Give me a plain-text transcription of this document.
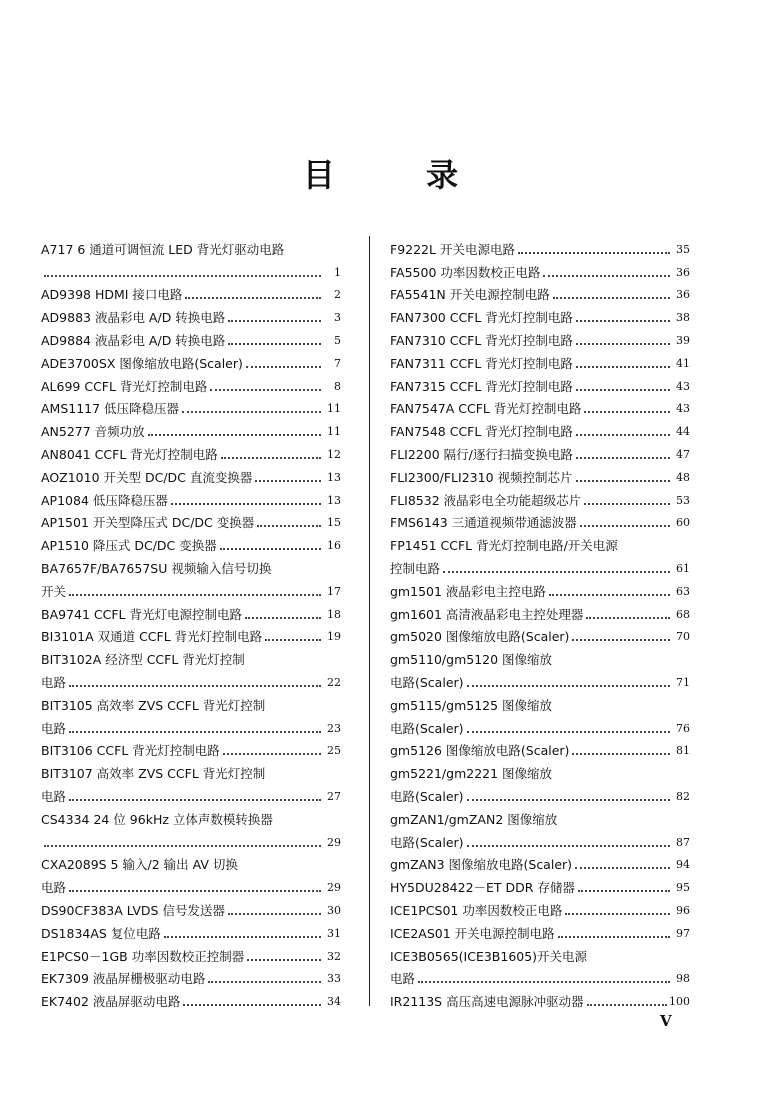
目 录
A717 6 通道可调恒流 LED 背光灯驱动电路
1
AD9398 HDMI 接口电路	2
AD9883 液晶彩电 A/D 转换电路	3
AD9884 液晶彩电 A/D 转换电路	5
ADE3700SX 图像缩放电路(Scaler)	7
AL699 CCFL 背光灯控制电路	8
AMS1117 低压降稳压器	11
AN5277 音频功放	11
AN8041 CCFL 背光灯控制电路	12
AOZ1010 开关型 DC/DC 直流变换器	13
AP1084 低压降稳压器	13
AP1501 开关型降压式 DC/DC 变换器	15
AP1510 降压式 DC/DC 变换器	16
BA7657F/BA7657SU 视频输入信号切换
开关	17
BA9741 CCFL 背光灯电源控制电路	18
BI3101A 双通道 CCFL 背光灯控制电路	19
BIT3102A 经济型 CCFL 背光灯控制
电路	22
BIT3105 高效率 ZVS CCFL 背光灯控制
电路	23
BIT3106 CCFL 背光灯控制电路	25
BIT3107 高效率 ZVS CCFL 背光灯控制
电路	27
CS4334 24 位 96kHz 立体声数模转换器
29
CXA2089S 5 输入/2 输出 AV 切换
电路	29
DS90CF383A LVDS 信号发送器	30
DS1834AS 复位电路	31
E1PCS0－1GB 功率因数校正控制器	32
EK7309 液晶屏栅极驱动电路	33
EK7402 液晶屏驱动电路	34
F9222L 开关电源电路	35
FA5500 功率因数校正电路	36
FA5541N 开关电源控制电路	36
FAN7300 CCFL 背光灯控制电路	38
FAN7310 CCFL 背光灯控制电路	39
FAN7311 CCFL 背光灯控制电路	41
FAN7315 CCFL 背光灯控制电路	43
FAN7547A CCFL 背光灯控制电路	43
FAN7548 CCFL 背光灯控制电路	44
FLI2200 隔行/逐行扫描变换电路	47
FLI2300/FLI2310 视频控制芯片	48
FLI8532 液晶彩电全功能超级芯片	53
FMS6143 三通道视频带通滤波器	60
FP1451 CCFL 背光灯控制电路/开关电源
控制电路	61
gm1501 液晶彩电主控电路	63
gm1601 高清液晶彩电主控处理器	68
gm5020 图像缩放电路(Scaler)	70
gm5110/gm5120 图像缩放
电路(Scaler)	71
gm5115/gm5125 图像缩放
电路(Scaler)	76
gm5126 图像缩放电路(Scaler)	81
gm5221/gm2221 图像缩放
电路(Scaler)	82
gmZAN1/gmZAN2 图像缩放
电路(Scaler)	87
gmZAN3 图像缩放电路(Scaler)	94
HY5DU28422－ET DDR 存储器	95
ICE1PCS01 功率因数校正电路	96
ICE2AS01 开关电源控制电路	97
ICE3B0565(ICE3B1605)开关电源
电路	98
IR2113S 高压高速电源脉冲驱动器	100
V
